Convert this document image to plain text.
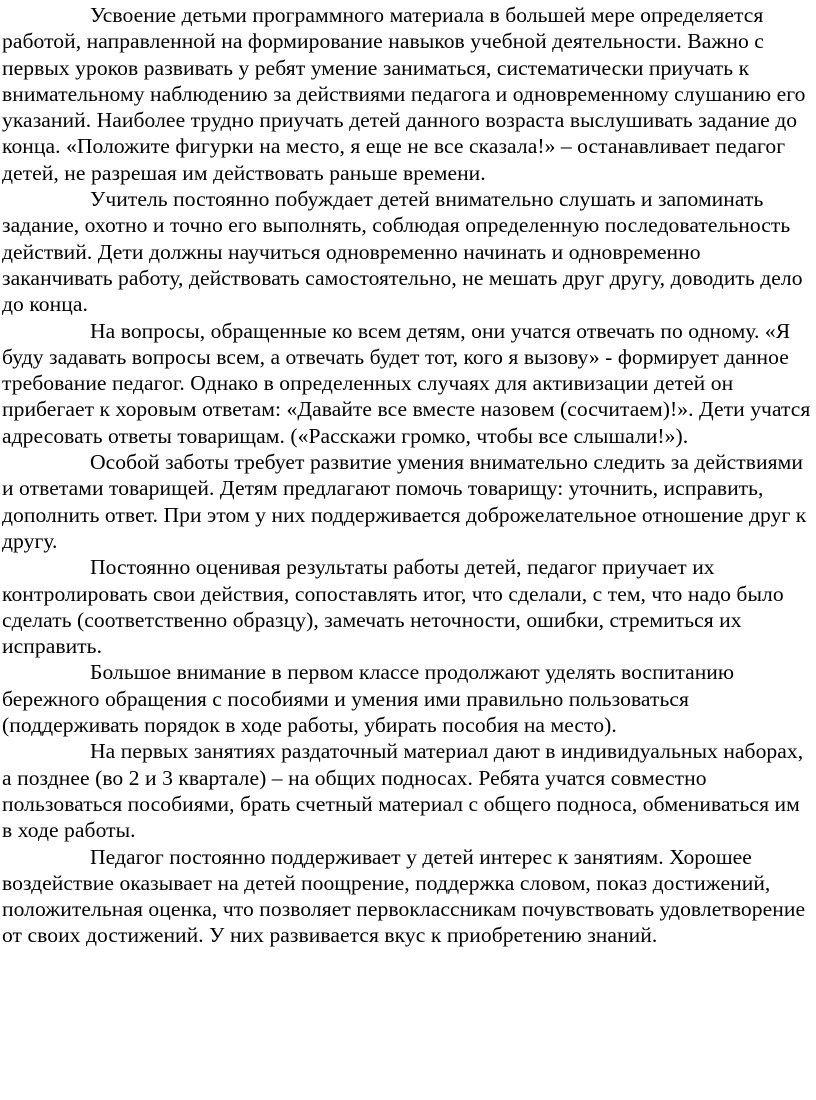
Усвоение детьми программного материала в большей мере определяется работой, направленной на формирование навыков учебной деятельности. Важно с первых уроков развивать у ребят умение заниматься, систематически приучать к внимательному наблюдению за действиями педагога и одновременному слушанию его указаний. Наиболее трудно приучать детей данного возраста выслушивать задание до конца. «Положите фигурки на место, я еще не все сказала!» – останавливает педагог детей, не разрешая им действовать раньше времени.

Учитель постоянно побуждает детей внимательно слушать и запоминать задание, охотно и точно его выполнять, соблюдая определенную последовательность действий. Дети должны научиться одновременно начинать и одновременно заканчивать работу, действовать самостоятельно, не мешать друг другу, доводить дело до конца.

На вопросы, обращенные ко всем детям, они учатся отвечать по одному. «Я буду задавать вопросы всем, а отвечать будет тот, кого я вызову» - формирует данное требование педагог. Однако в определенных случаях для активизации детей он прибегает к хоровым ответам: «Давайте все вместе назовем (сосчитаем)!». Дети учатся адресовать ответы товарищам. («Расскажи громко, чтобы все слышали!»).

Особой заботы требует развитие умения внимательно следить за действиями и ответами товарищей. Детям предлагают помочь товарищу: уточнить, исправить, дополнить ответ. При этом у них поддерживается доброжелательное отношение друг к другу.

Постоянно оценивая результаты работы детей, педагог приучает их контролировать свои действия, сопоставлять итог, что сделали, с тем, что надо было сделать (соответственно образцу), замечать неточности, ошибки, стремиться их исправить.

Большое внимание в первом классе продолжают уделять воспитанию бережного обращения с пособиями и умения ими правильно пользоваться (поддерживать порядок в ходе работы, убирать пособия на место).

На первых занятиях раздаточный материал дают в индивидуальных наборах, а позднее (во 2 и 3 квартале) – на общих подносах. Ребята учатся совместно пользоваться пособиями, брать счетный материал с общего подноса, обмениваться им в ходе работы.

Педагог постоянно поддерживает у детей интерес к занятиям. Хорошее воздействие оказывает на детей поощрение, поддержка словом, показ достижений, положительная оценка, что позволяет первоклассникам почувствовать удовлетворение от своих достижений. У них развивается вкус к приобретению знаний.
